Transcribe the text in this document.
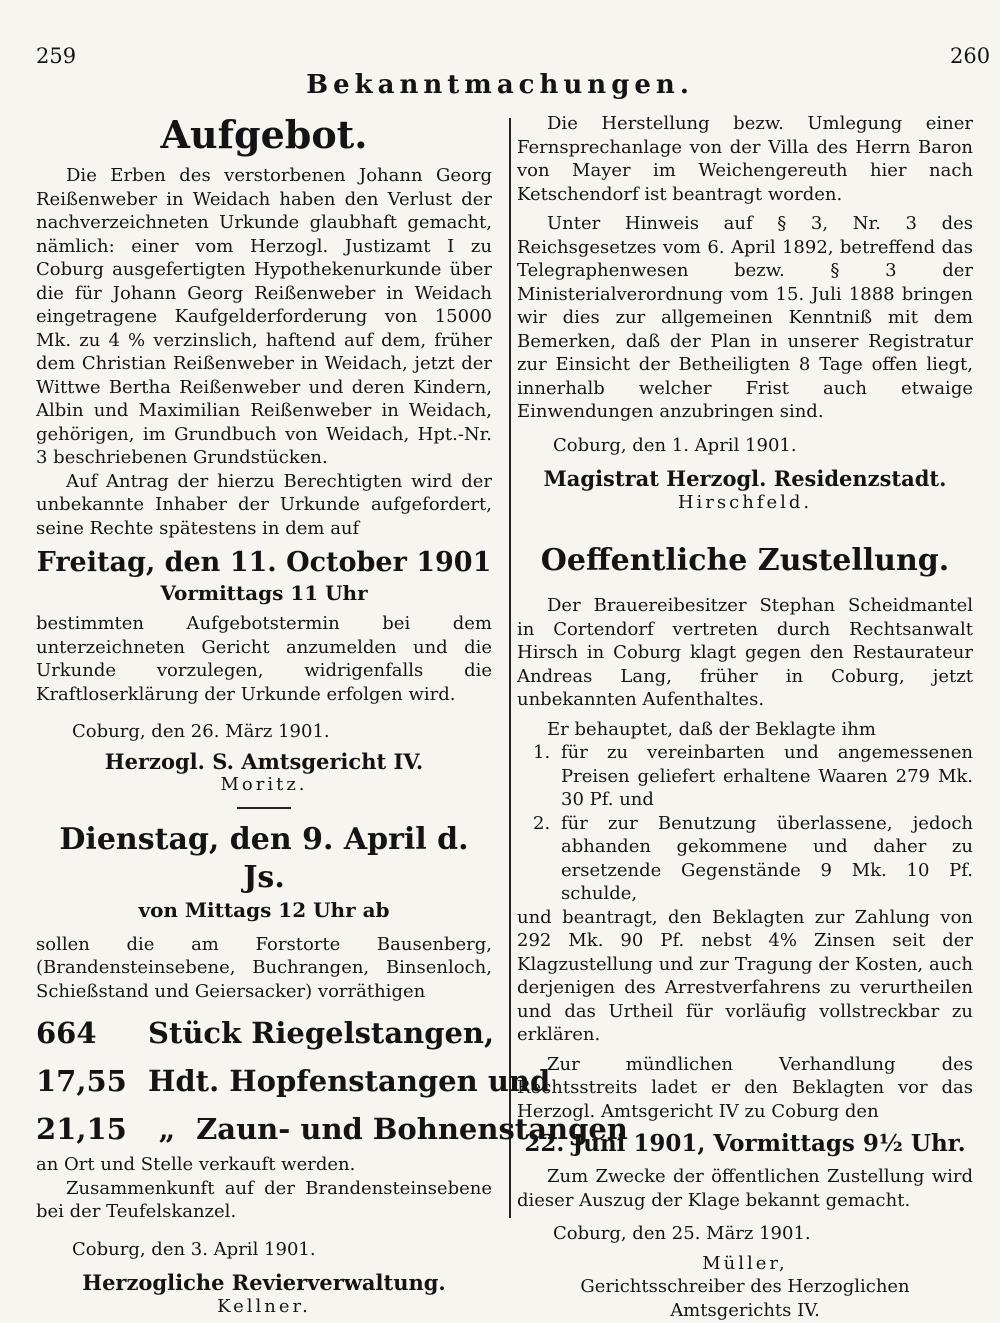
259	260
Bekanntmachungen.
Aufgebot.

Die Erben des verstorbenen Johann Georg Reißenweber in Weidach haben den Verlust der nachverzeichneten Urkunde glaubhaft gemacht, nämlich: einer vom Herzogl. Justizamt I zu Coburg ausgefertigten Hypothekenurkunde über die für Johann Georg Reißenweber in Weidach eingetragene Kaufgelderforderung von 15000 Mk. zu 4 % verzinslich, haftend auf dem, früher dem Christian Reißenweber in Weidach, jetzt der Wittwe Bertha Reißenweber und deren Kindern, Albin und Maximilian Reißenweber in Weidach, gehörigen, im Grundbuch von Weidach, Hpt.-Nr. 3 beschriebenen Grundstücken.

Auf Antrag der hierzu Berechtigten wird der unbekannte Inhaber der Urkunde aufgefordert, seine Rechte spätestens in dem auf

Freitag, den 11. October 1901
Vormittags 11 Uhr

bestimmten Aufgebotstermin bei dem unterzeichneten Gericht anzumelden und die Urkunde vorzulegen, widrigenfalls die Kraftloserklärung der Urkunde erfolgen wird.

Coburg, den 26. März 1901.

Herzogl. S. Amtsgericht IV.
Moritz.
Dienstag, den 9. April d. Js.
von Mittags 12 Uhr ab

sollen die am Forstorte Bausenberg, (Brandensteinsebene, Buchrangen, Binsenloch, Schießstand und Geiersacker) vorräthigen

664 Stück Riegelstangen,
17,55 Hdt. Hopfenstangen und
21,15 „ Zaun- und Bohnenstangen

an Ort und Stelle verkauft werden.

Zusammenkunft auf der Brandensteinsebene bei der Teufelskanzel.

Coburg, den 3. April 1901.

Herzogliche Revierverwaltung.
Kellner.

Die Herstellung bezw. Umlegung einer Fernsprechanlage von der Villa des Herrn Baron von Mayer im Weichengereuth hier nach Ketschendorf ist beantragt worden.

Unter Hinweis auf § 3, Nr. 3 des Reichsgesetzes vom 6. April 1892, betreffend das Telegraphenwesen bezw. § 3 der Ministerialverordnung vom 15. Juli 1888 bringen wir dies zur allgemeinen Kenntniß mit dem Bemerken, daß der Plan in unserer Registratur zur Einsicht der Betheiligten 8 Tage offen liegt, innerhalb welcher Frist auch etwaige Einwendungen anzubringen sind.

Coburg, den 1. April 1901.

Magistrat Herzogl. Residenzstadt.
Hirschfeld.
Oeffentliche Zustellung.

Der Brauereibesitzer Stephan Scheidmantel in Cortendorf vertreten durch Rechtsanwalt Hirsch in Coburg klagt gegen den Restaurateur Andreas Lang, früher in Coburg, jetzt unbekannten Aufenthaltes.

Er behauptet, daß der Beklagte ihm

1. für zu vereinbarten und angemessenen Preisen geliefert erhaltene Waaren 279 Mk. 30 Pf. und
2. für zur Benutzung überlassene, jedoch abhanden gekommene und daher zu ersetzende Gegenstände 9 Mk. 10 Pf. schulde,

und beantragt, den Beklagten zur Zahlung von 292 Mk. 90 Pf. nebst 4% Zinsen seit der Klagzustellung und zur Tragung der Kosten, auch derjenigen des Arrestverfahrens zu verurtheilen und das Urtheil für vorläufig vollstreckbar zu erklären.

Zur mündlichen Verhandlung des Rechtsstreits ladet er den Beklagten vor das Herzogl. Amtsgericht IV zu Coburg den

22. Juni 1901, Vormittags 9½ Uhr.

Zum Zwecke der öffentlichen Zustellung wird dieser Auszug der Klage bekannt gemacht.

Coburg, den 25. März 1901.

Müller,
Gerichtsschreiber des Herzoglichen Amtsgerichts IV.
